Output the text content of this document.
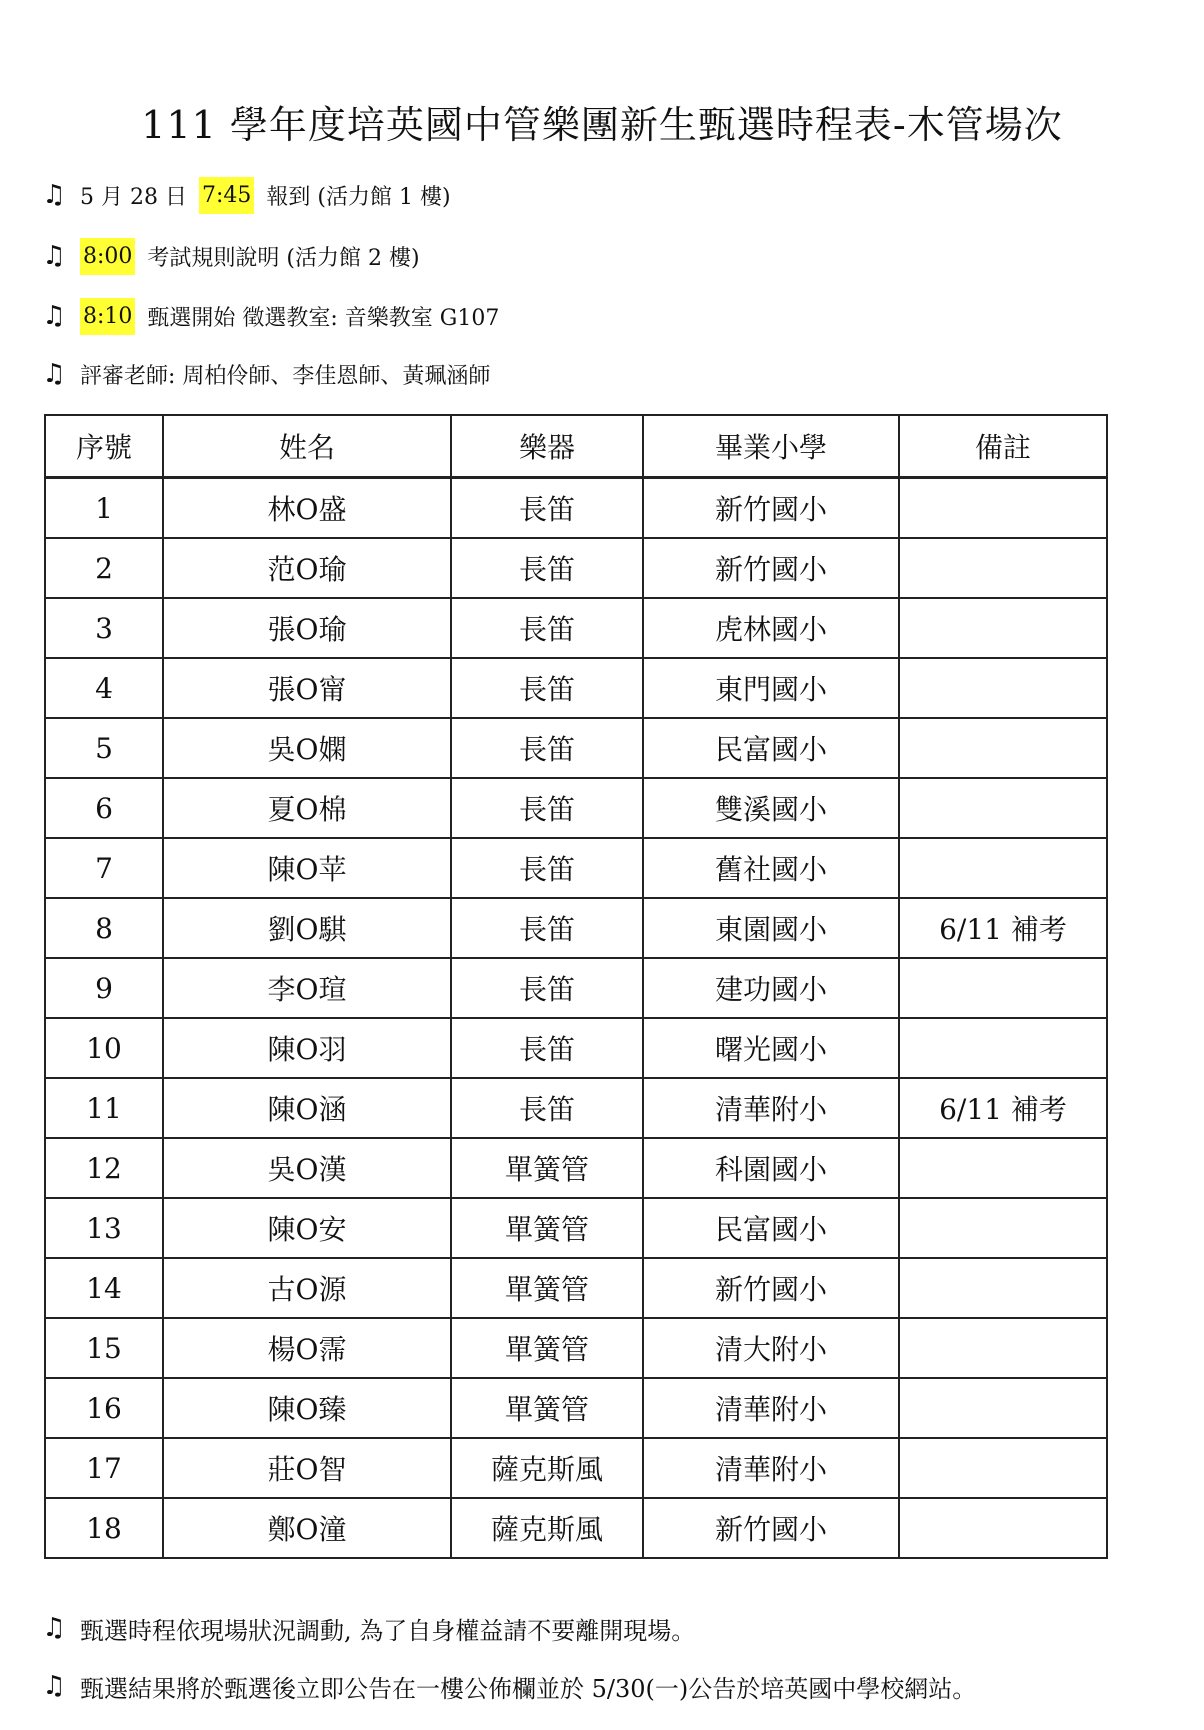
111 學年度培英國中管樂團新生甄選時程表-木管場次
♫ 5 月 28 日 7:45 報到 (活力館 1 樓)
♫ 8:00 考試規則說明 (活力館 2 樓)
♫ 8:10 甄選開始 徵選教室: 音樂教室 G107
♫ 評審老師: 周柏伶師、李佳恩師、黃珮涵師
序號	姓名	樂器	畢業小學	備註
1	林O盛	長笛	新竹國小	
2	范O瑜	長笛	新竹國小	
3	張O瑜	長笛	虎林國小	
4	張O甯	長笛	東門國小	
5	吳O嫻	長笛	民富國小	
6	夏O棉	長笛	雙溪國小	
7	陳O苹	長笛	舊社國小	
8	劉O騏	長笛	東園國小	6/11 補考
9	李O瑄	長笛	建功國小	
10	陳O羽	長笛	曙光國小	
11	陳O涵	長笛	清華附小	6/11 補考
12	吳O漢	單簧管	科園國小	
13	陳O安	單簧管	民富國小	
14	古O源	單簧管	新竹國小	
15	楊O霈	單簧管	清大附小	
16	陳O臻	單簧管	清華附小	
17	莊O智	薩克斯風	清華附小	
18	鄭O潼	薩克斯風	新竹國小	
♫ 甄選時程依現場狀況調動, 為了自身權益請不要離開現場。
♫ 甄選結果將於甄選後立即公告在一樓公佈欄並於 5/30(一)公告於培英國中學校網站。
